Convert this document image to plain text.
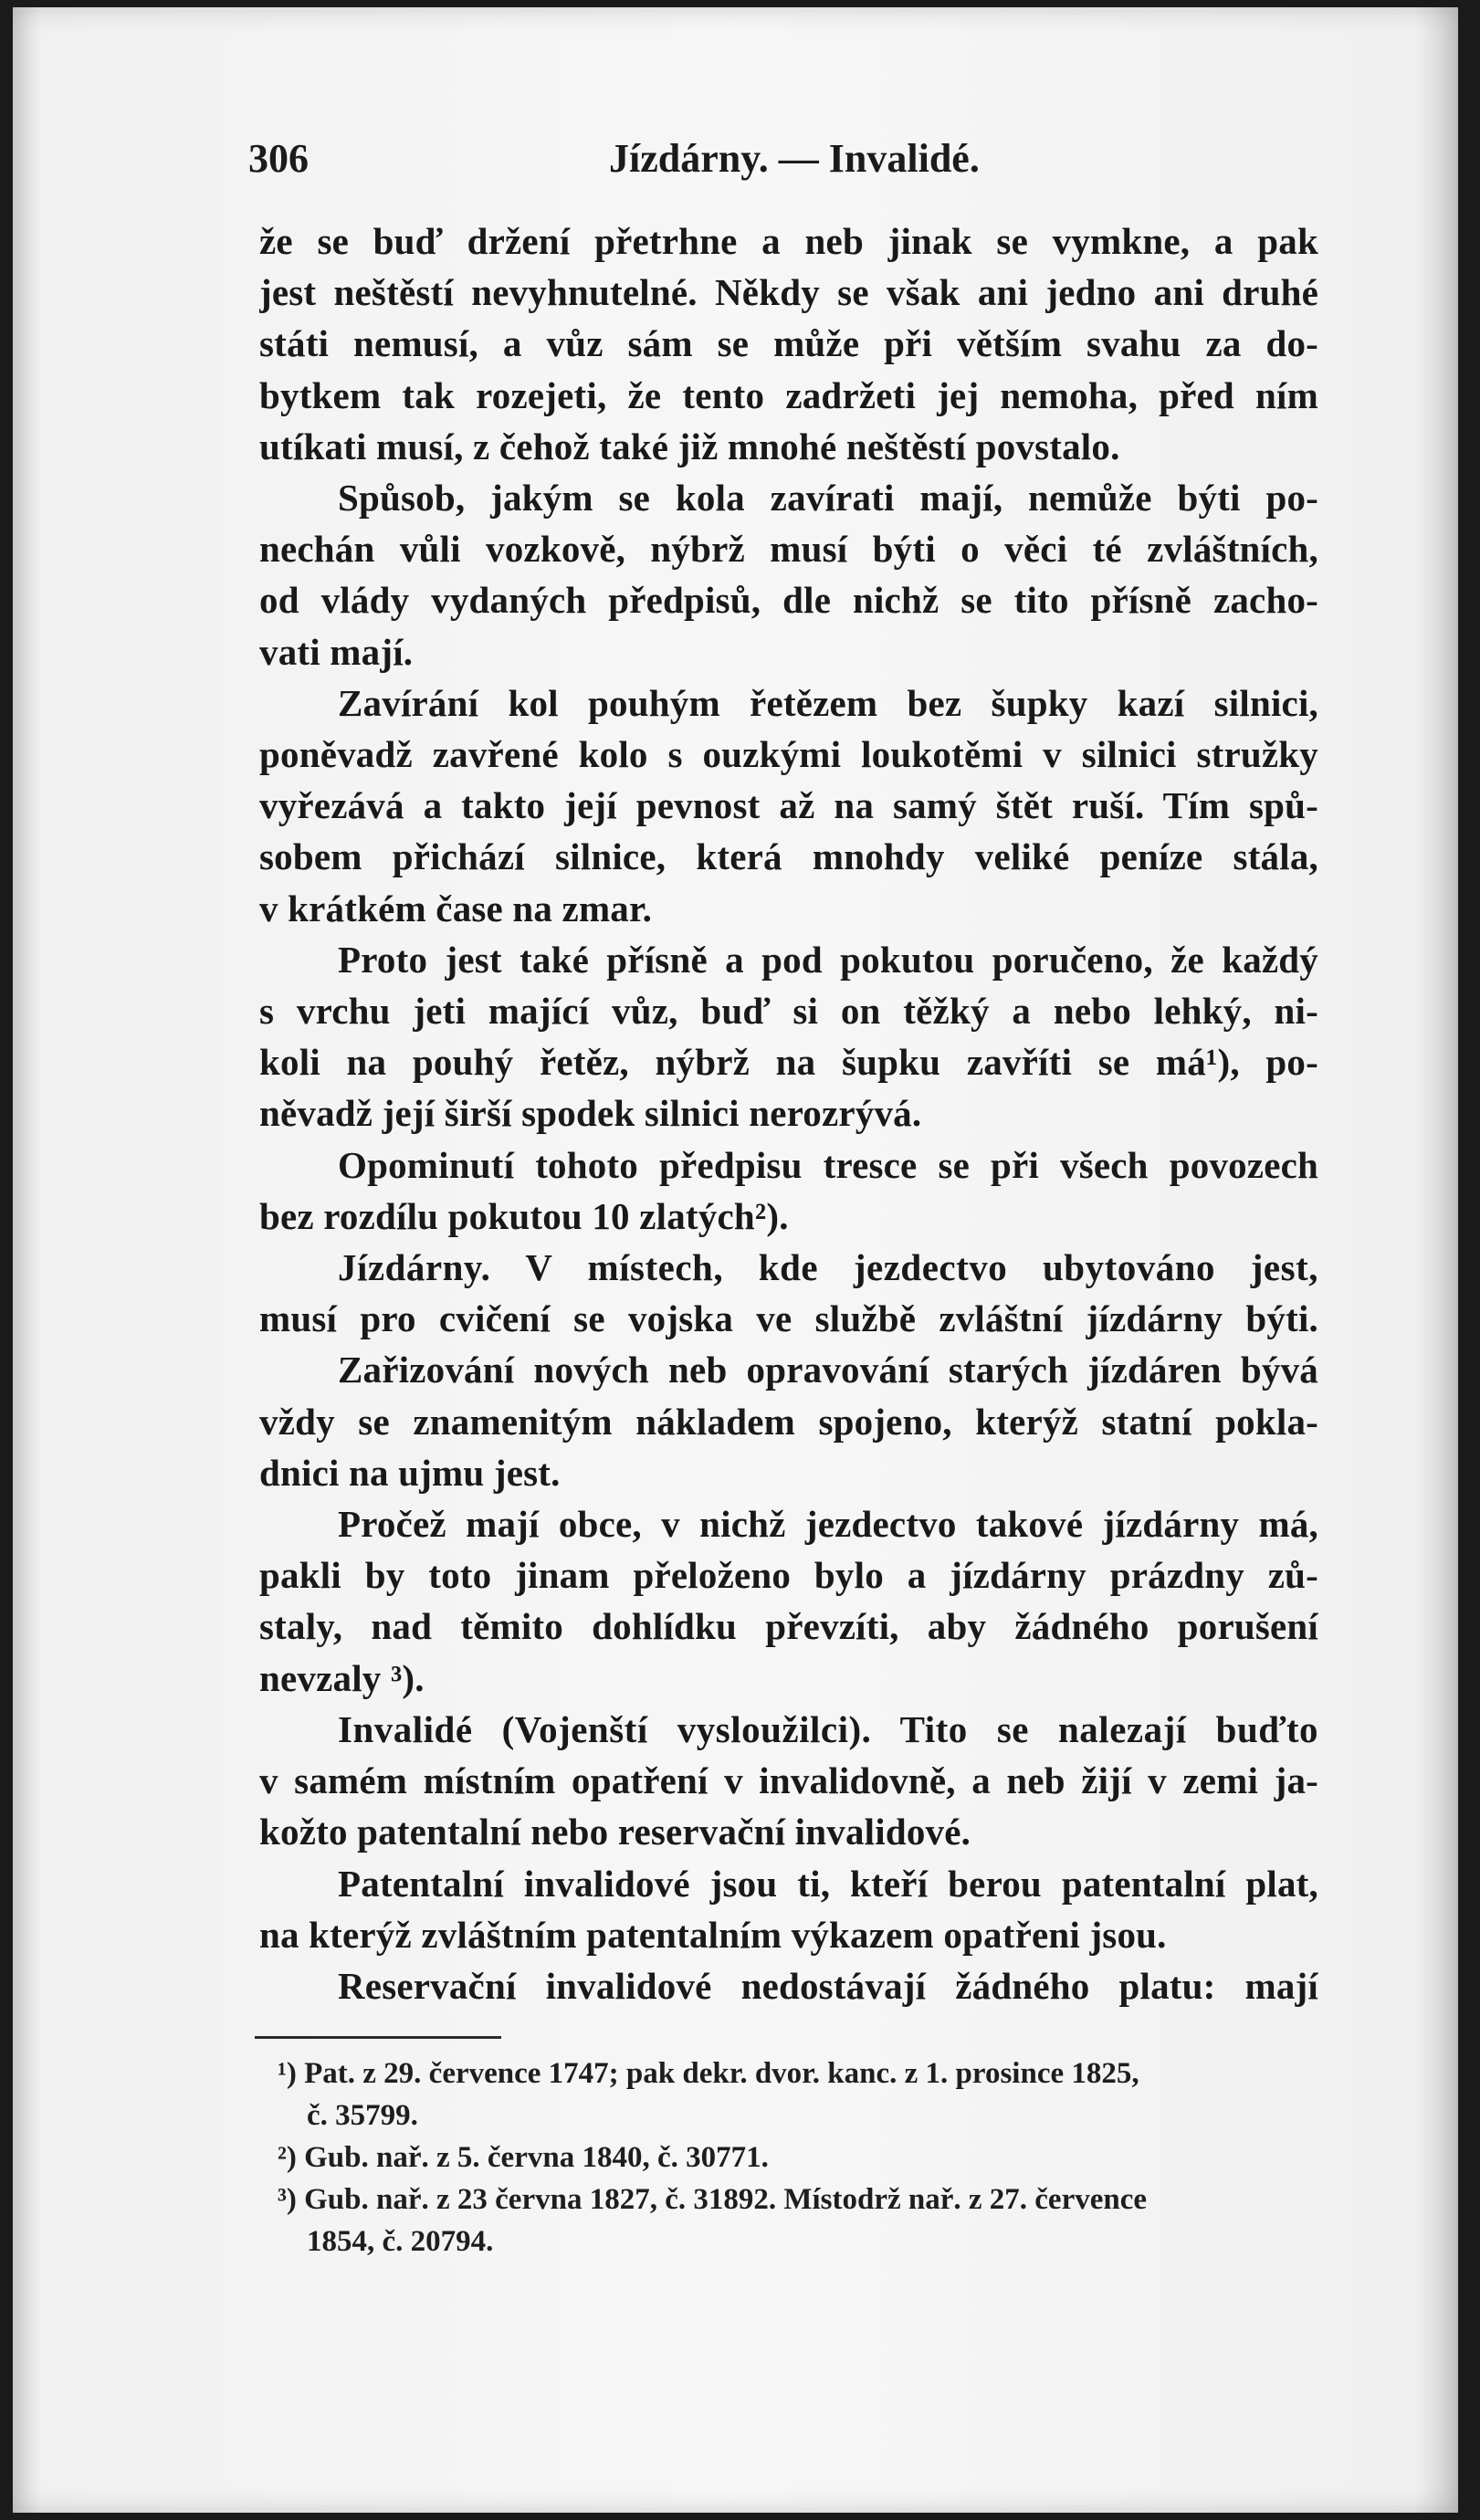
306	Jízdárny. — Invalidé.
že se buď držení přetrhne a neb jinak se vymkne, a pak
jest neštěstí nevyhnutelné. Někdy se však ani jedno ani druhé
státi nemusí, a vůz sám se může při větším svahu za do-
bytkem tak rozejeti, že tento zadržeti jej nemoha, před ním
utíkati musí, z čehož také již mnohé neštěstí povstalo.
Spůsob, jakým se kola zavírati mají, nemůže býti po-
nechán vůli vozkově, nýbrž musí býti o věci té zvláštních,
od vlády vydaných předpisů, dle nichž se tito přísně zacho-
vati mají.
Zavírání kol pouhým řetězem bez šupky kazí silnici,
poněvadž zavřené kolo s ouzkými loukotěmi v silnici stružky
vyřezává a takto její pevnost až na samý štět ruší. Tím spů-
sobem přichází silnice, která mnohdy veliké peníze stála,
v krátkém čase na zmar.
Proto jest také přísně a pod pokutou poručeno, že každý
s vrchu jeti mající vůz, buď si on těžký a nebo lehký, ni-
koli na pouhý řetěz, nýbrž na šupku zavříti se má¹), po-
něvadž její širší spodek silnici nerozrývá.
Opominutí tohoto předpisu tresce se při všech povozech
bez rozdílu pokutou 10 zlatých²).
Jízdárny. V místech, kde jezdectvo ubytováno jest,
musí pro cvičení se vojska ve službě zvláštní jízdárny býti.
Zařizování nových neb opravování starých jízdáren bývá
vždy se znamenitým nákladem spojeno, kterýž statní pokla-
dnici na ujmu jest.
Pročež mají obce, v nichž jezdectvo takové jízdárny má,
pakli by toto jinam přeloženo bylo a jízdárny prázdny zů-
staly, nad těmito dohlídku převzíti, aby žádného porušení
nevzaly ³).
Invalidé (Vojenští vysloužilci). Tito se nalezají buďto
v samém místním opatření v invalidovně, a neb žijí v zemi ja-
kožto patentalní nebo reservační invalidové.
Patentalní invalidové jsou ti, kteří berou patentalní plat,
na kterýž zvláštním patentalním výkazem opatřeni jsou.
Reservační invalidové nedostávají žádného platu: mají
¹) Pat. z 29. července 1747; pak dekr. dvor. kanc. z 1. prosince 1825,
č. 35799.
²) Gub. nař. z 5. června 1840, č. 30771.
³) Gub. nař. z 23 června 1827, č. 31892. Místodrž nař. z 27. července
1854, č. 20794.
